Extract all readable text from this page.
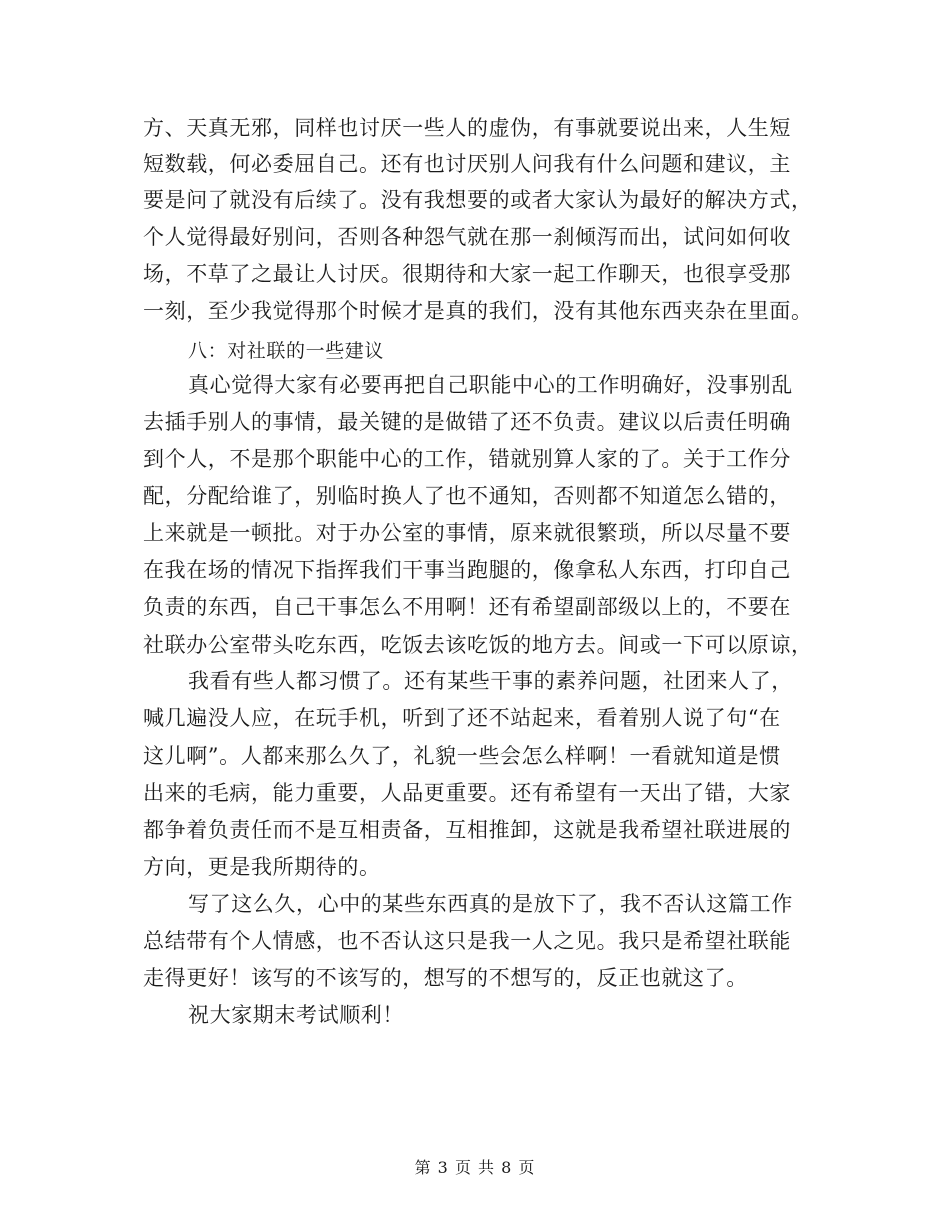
方、天真无邪，同样也讨厌一些人的虚伪，有事就要说出来，人生短
短数载，何必委屈自己。还有也讨厌别人问我有什么问题和建议，主
要是问了就没有后续了。没有我想要的或者大家认为最好的解决方式，
个人觉得最好别问，否则各种怨气就在那一刹倾泻而出，试问如何收
场，不草了之最让人讨厌。很期待和大家一起工作聊天，也很享受那
一刻，至少我觉得那个时候才是真的我们，没有其他东西夹杂在里面。
八：对社联的一些建议
真心觉得大家有必要再把自己职能中心的工作明确好，没事别乱
去插手别人的事情，最关键的是做错了还不负责。建议以后责任明确
到个人，不是那个职能中心的工作，错就别算人家的了。关于工作分
配，分配给谁了，别临时换人了也不通知，否则都不知道怎么错的，
上来就是一顿批。对于办公室的事情，原来就很繁琐，所以尽量不要
在我在场的情况下指挥我们干事当跑腿的，像拿私人东西，打印自己
负责的东西，自己干事怎么不用啊！还有希望副部级以上的，不要在
社联办公室带头吃东西，吃饭去该吃饭的地方去。间或一下可以原谅，
我看有些人都习惯了。还有某些干事的素养问题，社团来人了，
喊几遍没人应，在玩手机，听到了还不站起来，看着别人说了句“在
这儿啊”。人都来那么久了，礼貌一些会怎么样啊！一看就知道是惯
出来的毛病，能力重要，人品更重要。还有希望有一天出了错，大家
都争着负责任而不是互相责备，互相推卸，这就是我希望社联进展的
方向，更是我所期待的。
写了这么久，心中的某些东西真的是放下了，我不否认这篇工作
总结带有个人情感，也不否认这只是我一人之见。我只是希望社联能
走得更好！该写的不该写的，想写的不想写的，反正也就这了。
祝大家期末考试顺利！
第 3 页 共 8 页
